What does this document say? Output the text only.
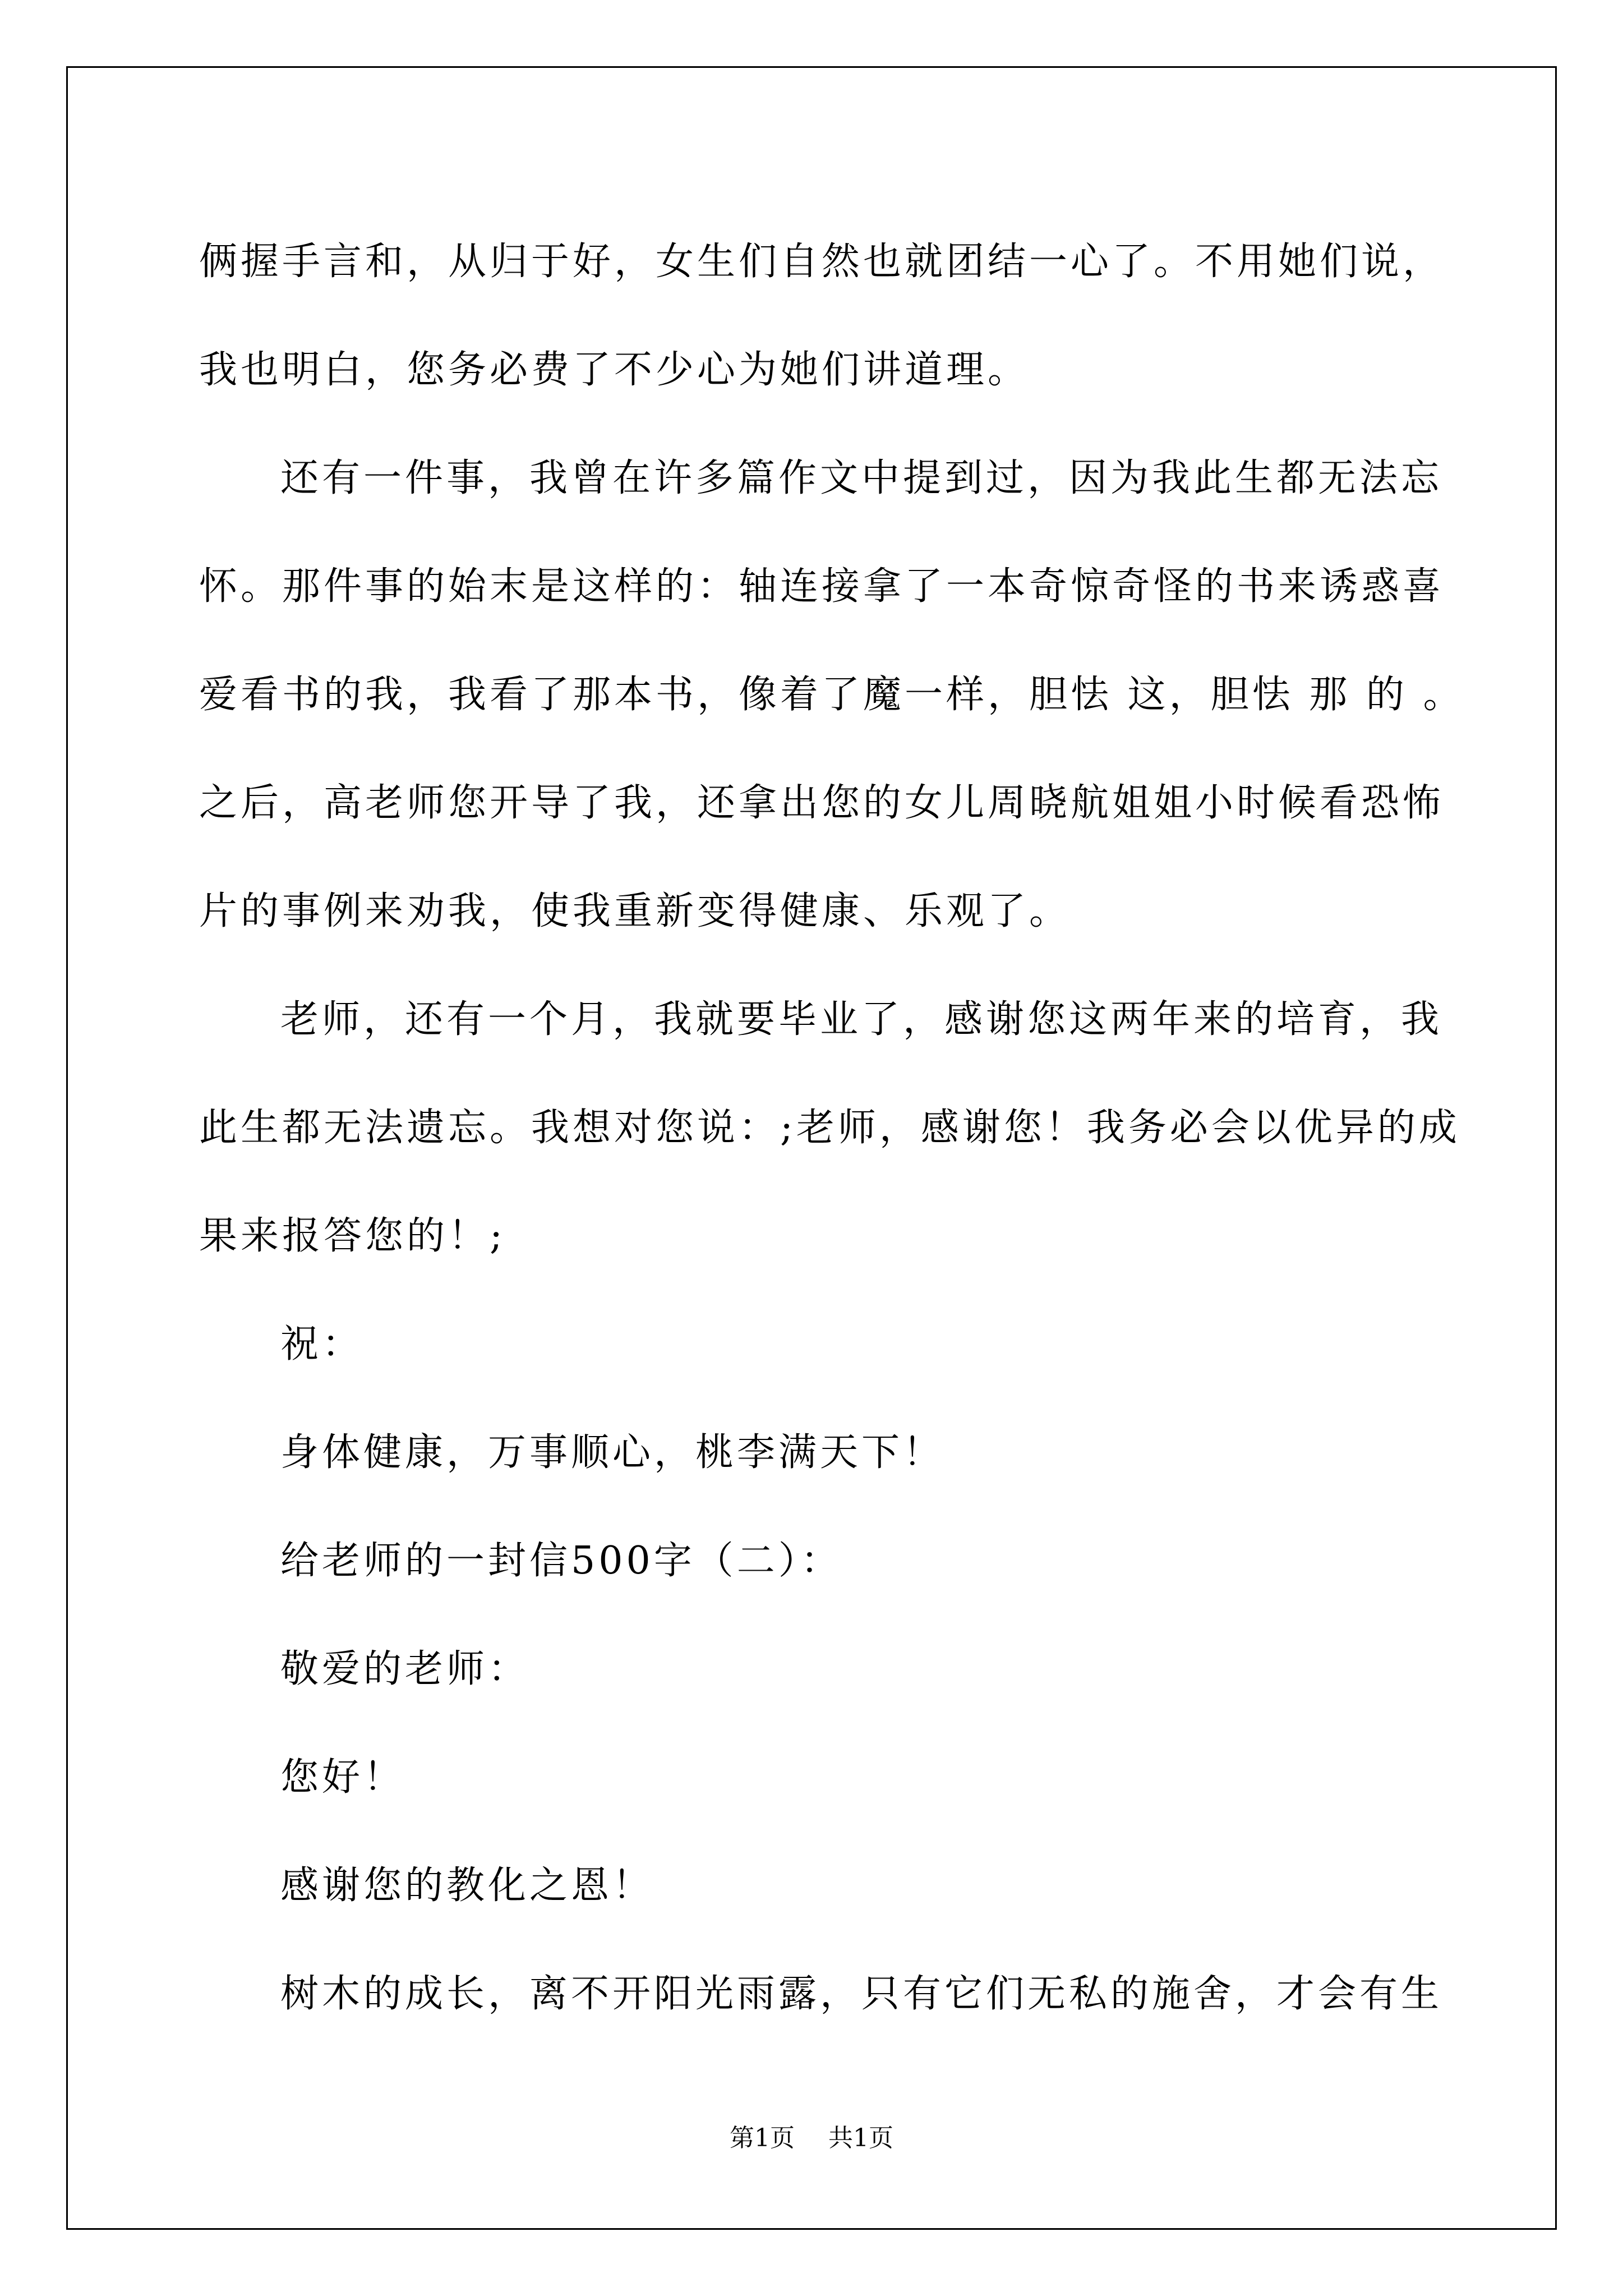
俩握手言和，从归于好，女生们自然也就团结一心了。不用她们说，

我也明白，您务必费了不少心为她们讲道理。

还有一件事，我曾在许多篇作文中提到过，因为我此生都无法忘

怀。那件事的始末是这样的：轴连接拿了一本奇惊奇怪的书来诱惑喜

爱看书的我，我看了那本书，像着了魔一样，胆怯 这，胆怯 那 的 。

之后，高老师您开导了我，还拿出您的女儿周晓航姐姐小时候看恐怖

片的事例来劝我，使我重新变得健康、乐观了。

老师，还有一个月，我就要毕业了，感谢您这两年来的培育，我

此生都无法遗忘。我想对您说：;老师，感谢您！我务必会以优异的成

果来报答您的！;

祝：

身体健康，万事顺心，桃李满天下！

给老师的一封信500字（二）：

敬爱的老师：

您好！

感谢您的教化之恩！

树木的成长，离不开阳光雨露，只有它们无私的施舍，才会有生

第1页 共1页
